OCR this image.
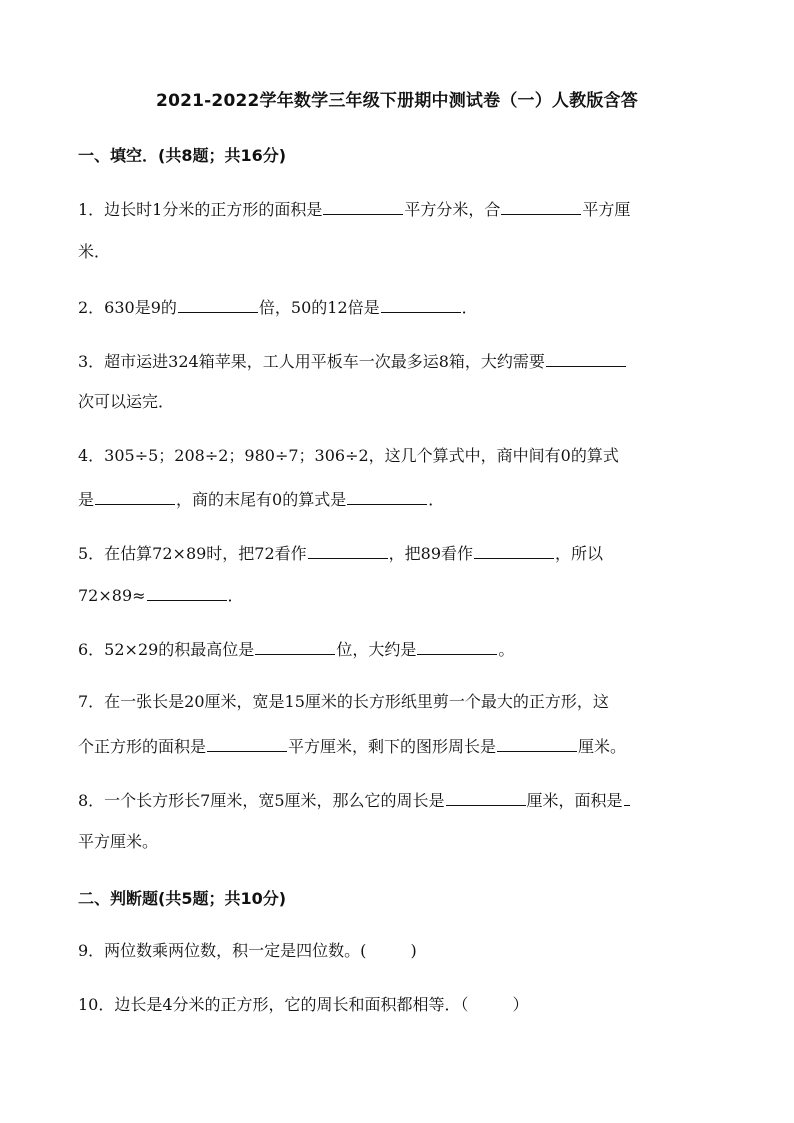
2021-2022学年数学三年级下册期中测试卷（一）人教版含答
一、填空．(共8题；共16分)
1．边长时1分米的正方形的面积是	平方分米，合	平方厘
米．
2．630是9的	倍，50的12倍是	．
3．超市运进324箱苹果，工人用平板车一次最多运8箱，大约需要
次可以运完．
4．305÷5；208÷2；980÷7；306÷2，这几个算式中，商中间有0的算式
是	，商的末尾有0的算式是	．
5．在估算72×89时，把72看作	，把89看作	，所以
72×89≈	．
6．52×29的积最高位是	位，大约是	。
7．在一张长是20厘米，宽是15厘米的长方形纸里剪一个最大的正方形，这
个正方形的面积是	平方厘米，剩下的图形周长是	厘米。
8．一个长方形长7厘米，宽5厘米，那么它的周长是	厘米，面积是
平方厘米。
二、判断题(共5题；共10分)
9．两位数乘两位数，积一定是四位数。(	)
10．边长是4分米的正方形，它的周长和面积都相等．（	）
